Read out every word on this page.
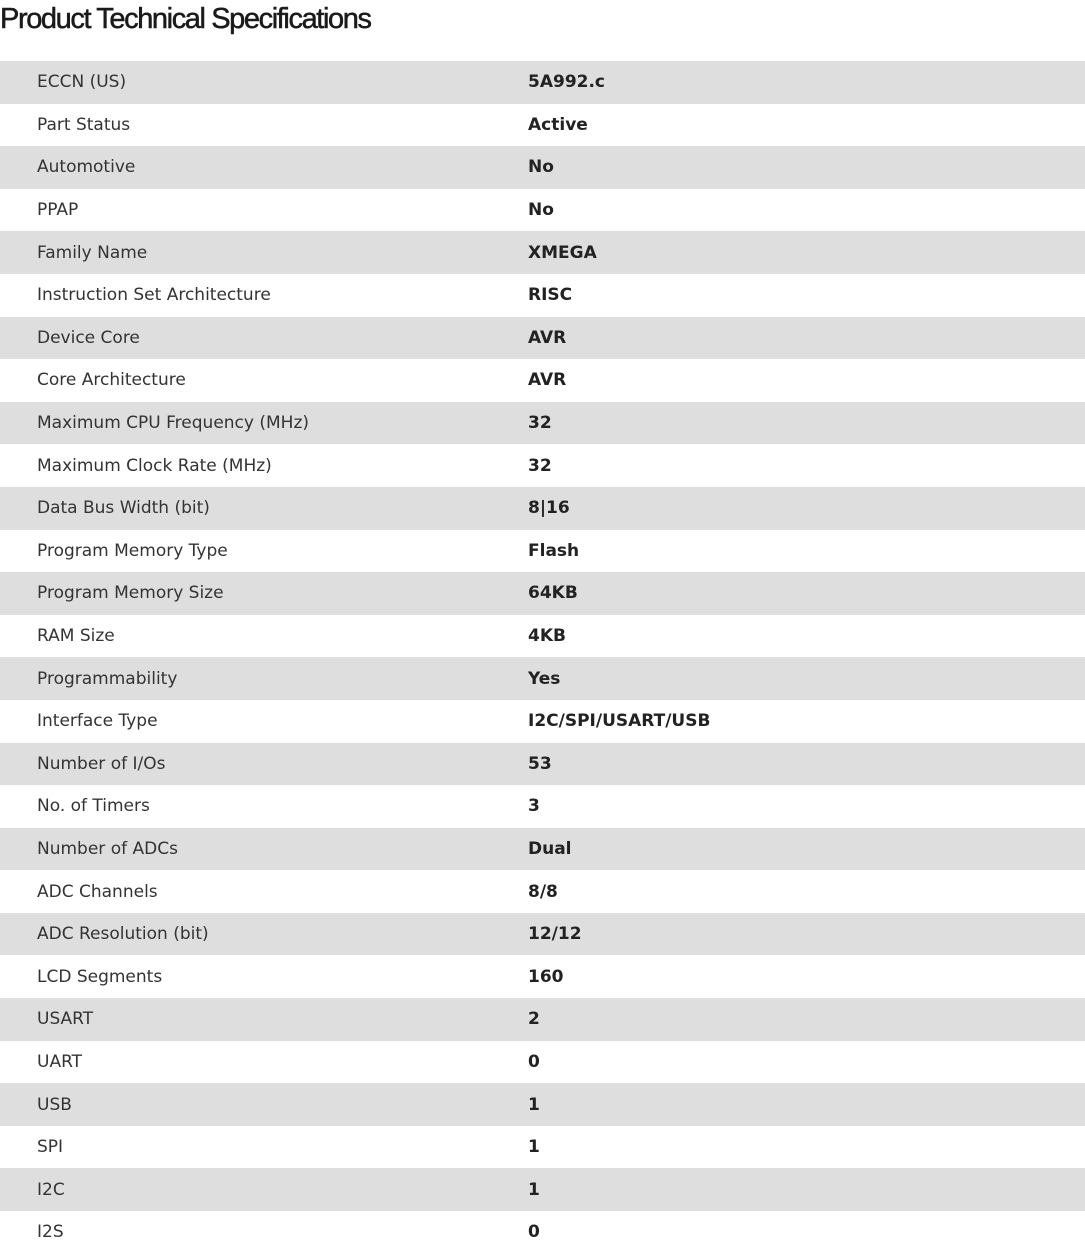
Product Technical Specifications
ECCN (US)	5A992.c
Part Status	Active
Automotive	No
PPAP	No
Family Name	XMEGA
Instruction Set Architecture	RISC
Device Core	AVR
Core Architecture	AVR
Maximum CPU Frequency (MHz)	32
Maximum Clock Rate (MHz)	32
Data Bus Width (bit)	8|16
Program Memory Type	Flash
Program Memory Size	64KB
RAM Size	4KB
Programmability	Yes
Interface Type	I2C/SPI/USART/USB
Number of I/Os	53
No. of Timers	3
Number of ADCs	Dual
ADC Channels	8/8
ADC Resolution (bit)	12/12
LCD Segments	160
USART	2
UART	0
USB	1
SPI	1
I2C	1
I2S	0
